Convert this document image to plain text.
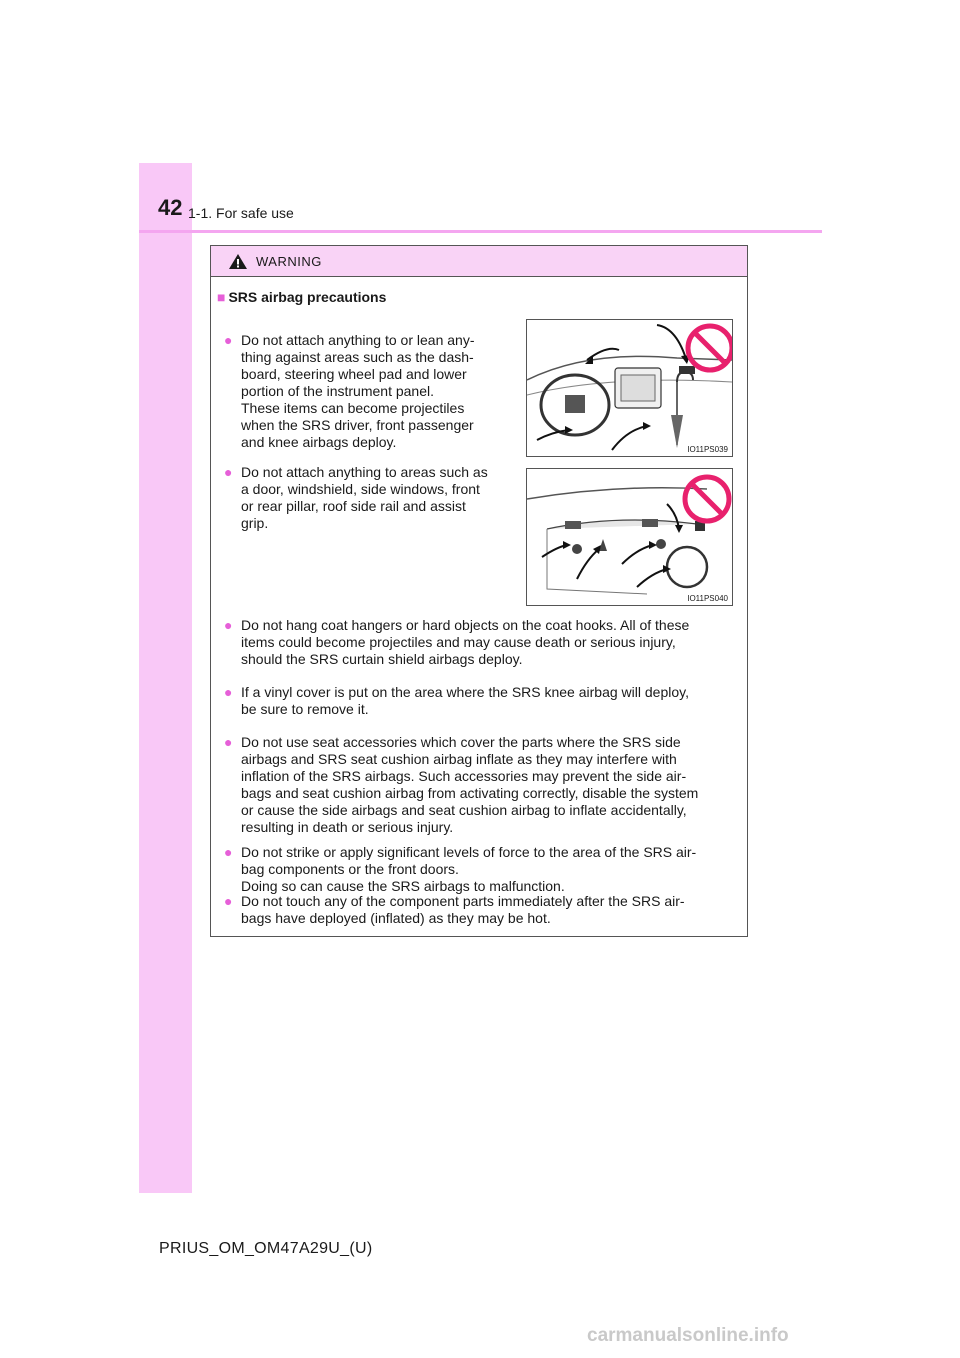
42 1-1. For safe use
WARNING
■ SRS airbag precautions
● Do not attach anything to or lean any-
thing against areas such as the dash-
board, steering wheel pad and lower
portion of the instrument panel.
These items can become projectiles
when the SRS driver, front passenger
and knee airbags deploy.	IO11PS039
● Do not attach anything to areas such as
a door, windshield, side windows, front
or rear pillar, roof side rail and assist
grip.
IO11PS040
● Do not hang coat hangers or hard objects on the coat hooks. All of these
items could become projectiles and may cause death or serious injury,
should the SRS curtain shield airbags deploy.
● If a vinyl cover is put on the area where the SRS knee airbag will deploy,
be sure to remove it.
● Do not use seat accessories which cover the parts where the SRS side
airbags and SRS seat cushion airbag inflate as they may interfere with
inflation of the SRS airbags. Such accessories may prevent the side air-
bags and seat cushion airbag from activating correctly, disable the system
or cause the side airbags and seat cushion airbag to inflate accidentally,
resulting in death or serious injury.
● Do not strike or apply significant levels of force to the area of the SRS air-
bag components or the front doors.
Doing so can cause the SRS airbags to malfunction.
● Do not touch any of the component parts immediately after the SRS air-
bags have deployed (inflated) as they may be hot.
PRIUS_OM_OM47A29U_(U)
carmanualsonline.info
